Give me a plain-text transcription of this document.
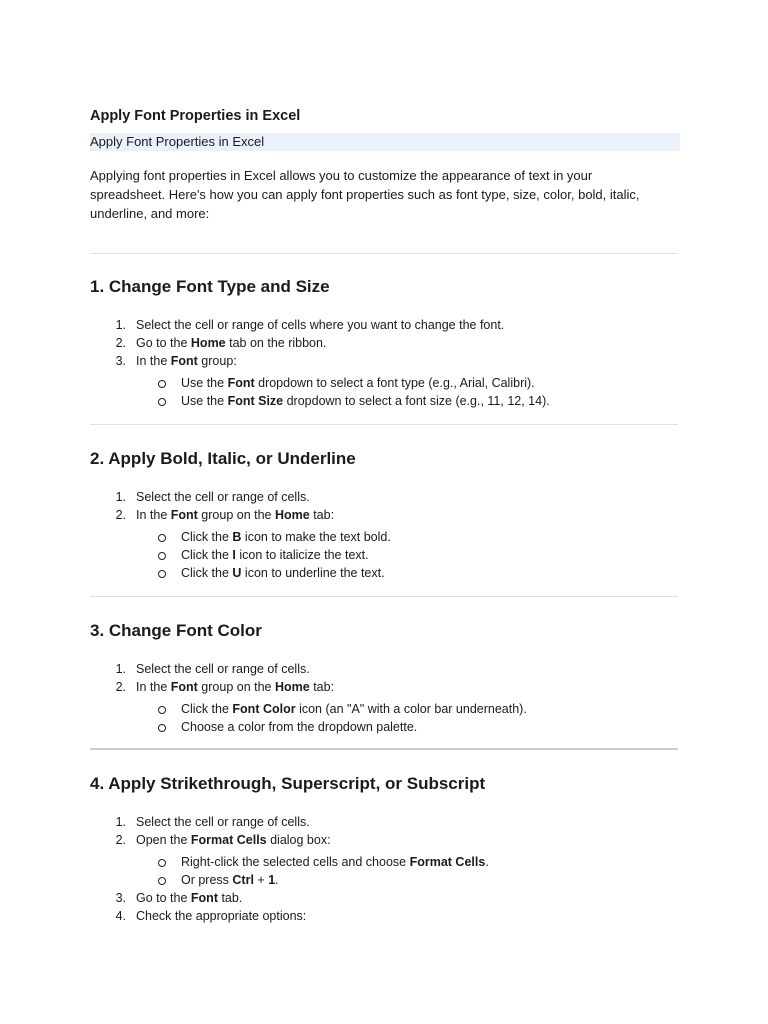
Apply Font Properties in Excel
Apply Font Properties in Excel

Applying font properties in Excel allows you to customize the appearance of text in your spreadsheet. Here's how you can apply font properties such as font type, size, color, bold, italic, underline, and more:

1. Change Font Type and Size
1. Select the cell or range of cells where you want to change the font.
2. Go to the Home tab on the ribbon.
3. In the Font group:
Use the Font dropdown to select a font type (e.g., Arial, Calibri).
Use the Font Size dropdown to select a font size (e.g., 11, 12, 14).
2. Apply Bold, Italic, or Underline
1. Select the cell or range of cells.
2. In the Font group on the Home tab:
Click the B icon to make the text bold.
Click the I icon to italicize the text.
Click the U icon to underline the text.
3. Change Font Color
1. Select the cell or range of cells.
2. In the Font group on the Home tab:
Click the Font Color icon (an "A" with a color bar underneath).
Choose a color from the dropdown palette.
4. Apply Strikethrough, Superscript, or Subscript
1. Select the cell or range of cells.
2. Open the Format Cells dialog box:
Right-click the selected cells and choose Format Cells.
Or press Ctrl + 1.
3. Go to the Font tab.
4. Check the appropriate options:
